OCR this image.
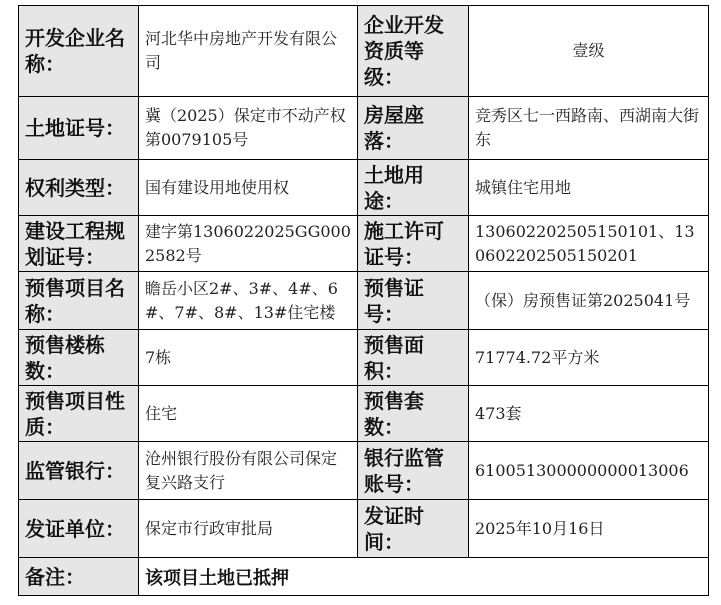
开发企业名称：	河北华中房地产开发有限公司	企业开发资质等级：	壹级
土地证号：	冀（2025）保定市不动产权第0079105号	房屋座落：	竞秀区七一西路南、西湖南大街东
权利类型：	国有建设用地使用权	土地用途：	城镇住宅用地
建设工程规划证号：	建字第1306022025GG0002582号	施工许可证号：	130602202505150101、130602202505150201
预售项目名称：	瞻岳小区2#、3#、4#、6#、7#、8#、13#住宅楼	预售证号：	（保）房预售证第2025041号
预售楼栋数：	7栋	预售面积：	71774.72平方米
预售项目性质：	住宅	预售套数：	473套
监管银行：	沧州银行股份有限公司保定复兴路支行	银行监管账号：	610051300000000013006
发证单位：	保定市行政审批局	发证时间：	2025年10月16日
备注：	该项目土地已抵押		
